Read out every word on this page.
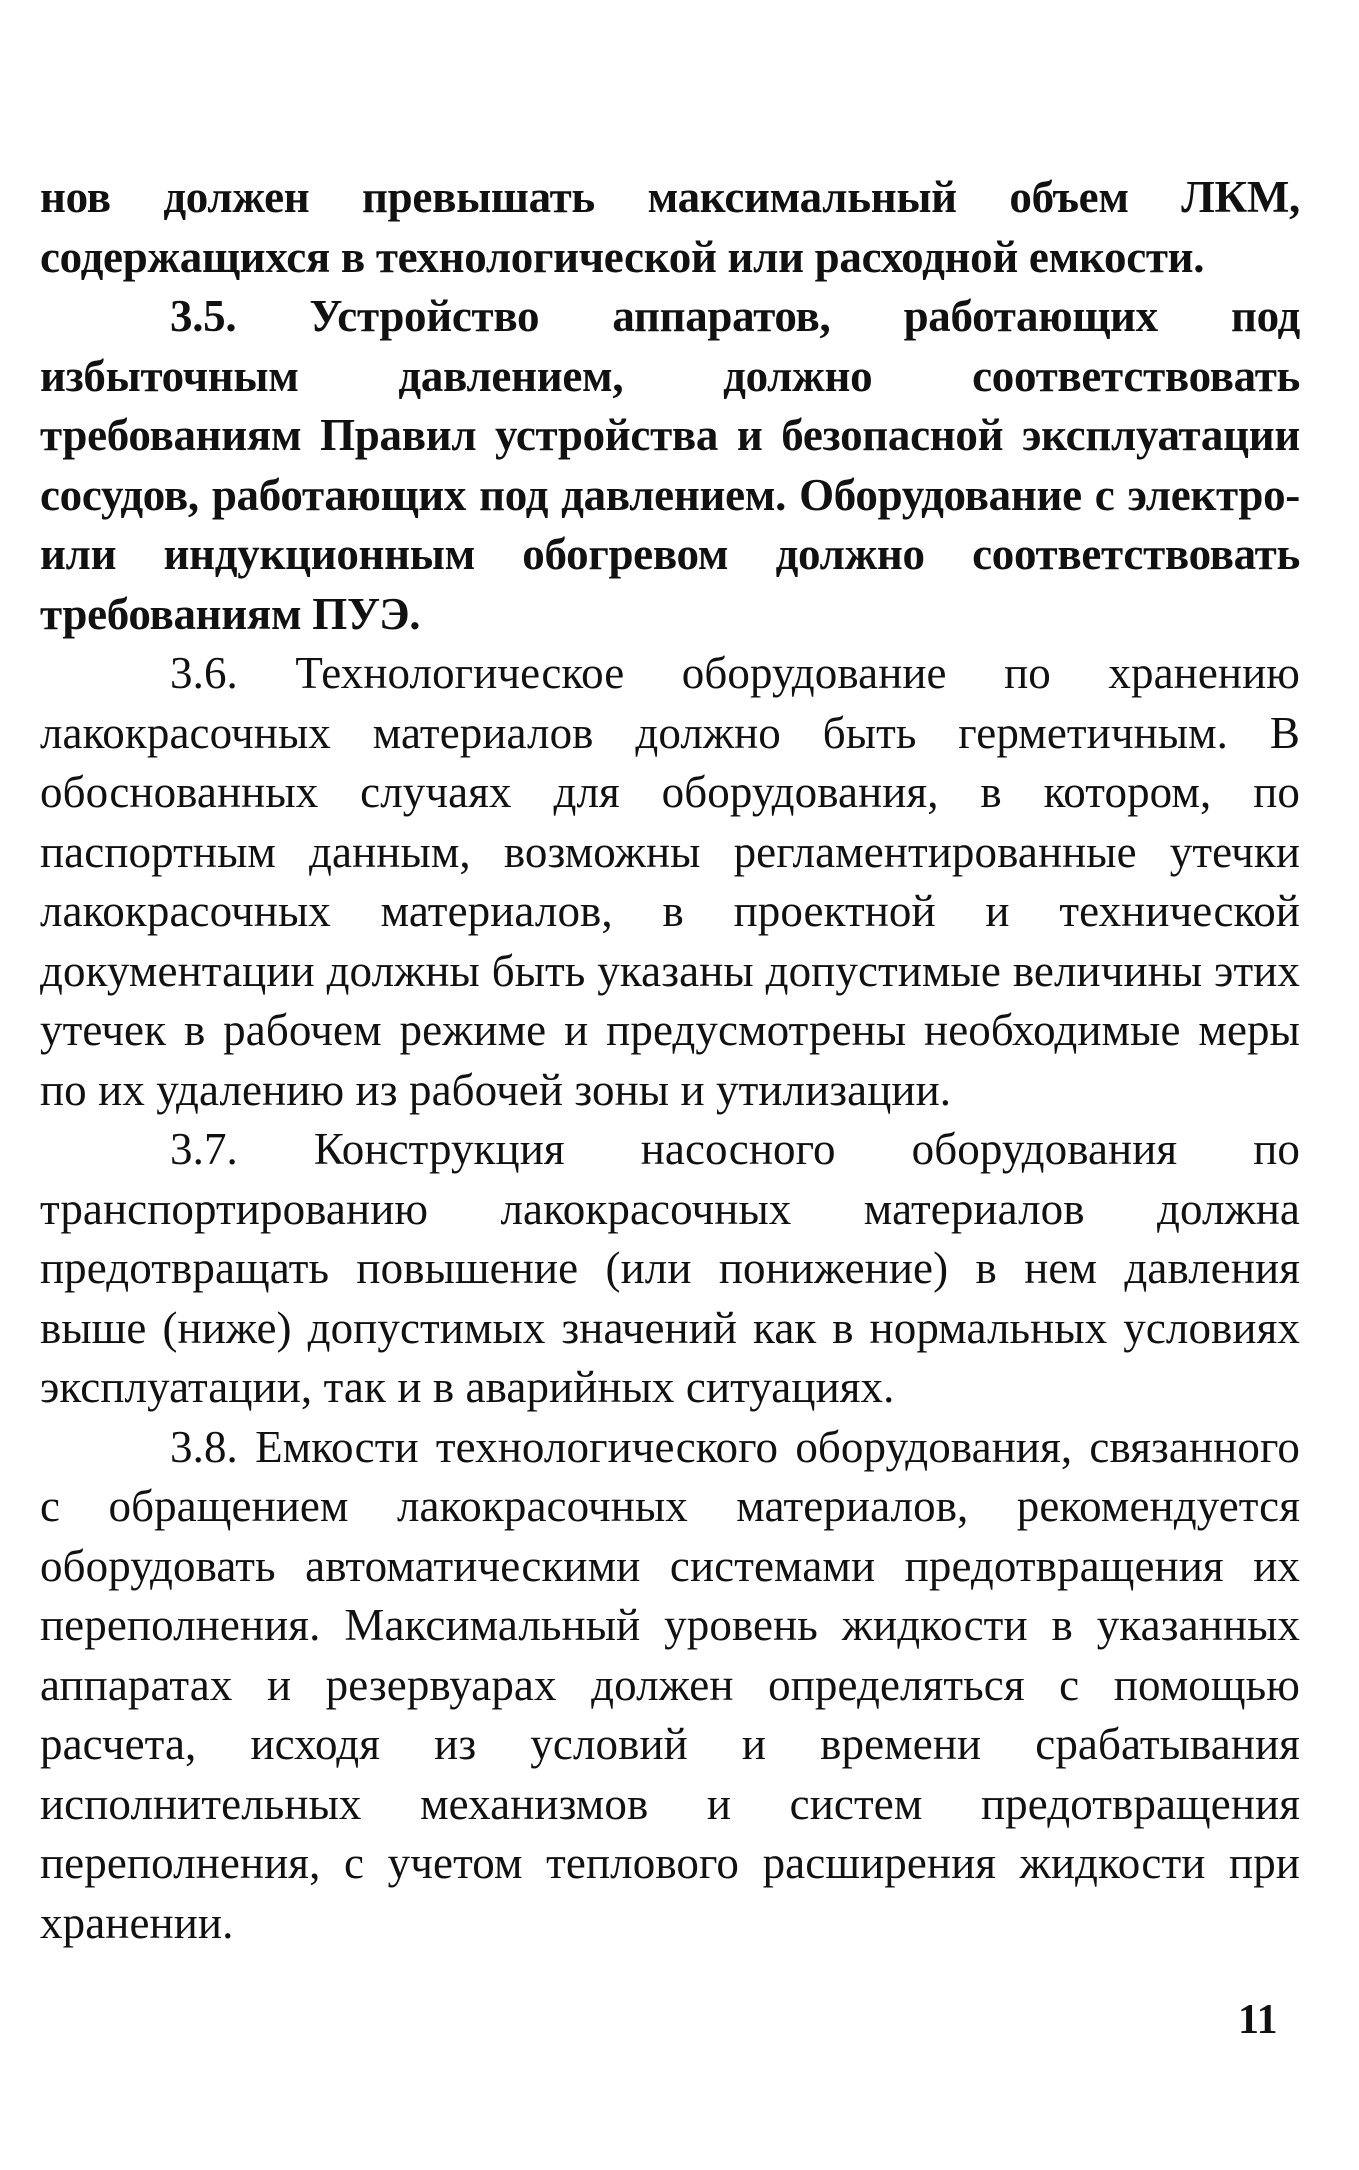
нов должен превышать максимальный объем ЛКМ, содержащихся в технологической или расходной емкости.

3.5. Устройство аппаратов, работающих под избыточным давлением, должно соответствовать требованиям Правил устройства и безопасной эксплуатации сосудов, работающих под давлением. Оборудование с электро- или индукционным обогревом должно соответствовать требованиям ПУЭ.

3.6. Технологическое оборудование по хранению лакокрасочных материалов должно быть герметичным. В обоснованных случаях для оборудования, в котором, по паспортным данным, возможны регламентированные утечки лакокрасочных материалов, в проектной и технической документации должны быть указаны допустимые величины этих утечек в рабочем режиме и предусмотрены необходимые меры по их удалению из рабочей зоны и утилизации.

3.7. Конструкция насосного оборудования по транспортированию лакокрасочных материалов должна предотвращать повышение (или понижение) в нем давления выше (ниже) допустимых значений как в нормальных условиях эксплуатации, так и в аварийных ситуациях.

3.8. Емкости технологического оборудования, связанного с обращением лакокрасочных материалов, рекомендуется оборудовать автоматическими системами предотвращения их переполнения. Максимальный уровень жидкости в указанных аппаратах и резервуарах должен определяться с помощью расчета, исходя из условий и времени срабатывания исполнительных механизмов и систем предотвращения переполнения, с учетом теплового расширения жидкости при хранении.

11
